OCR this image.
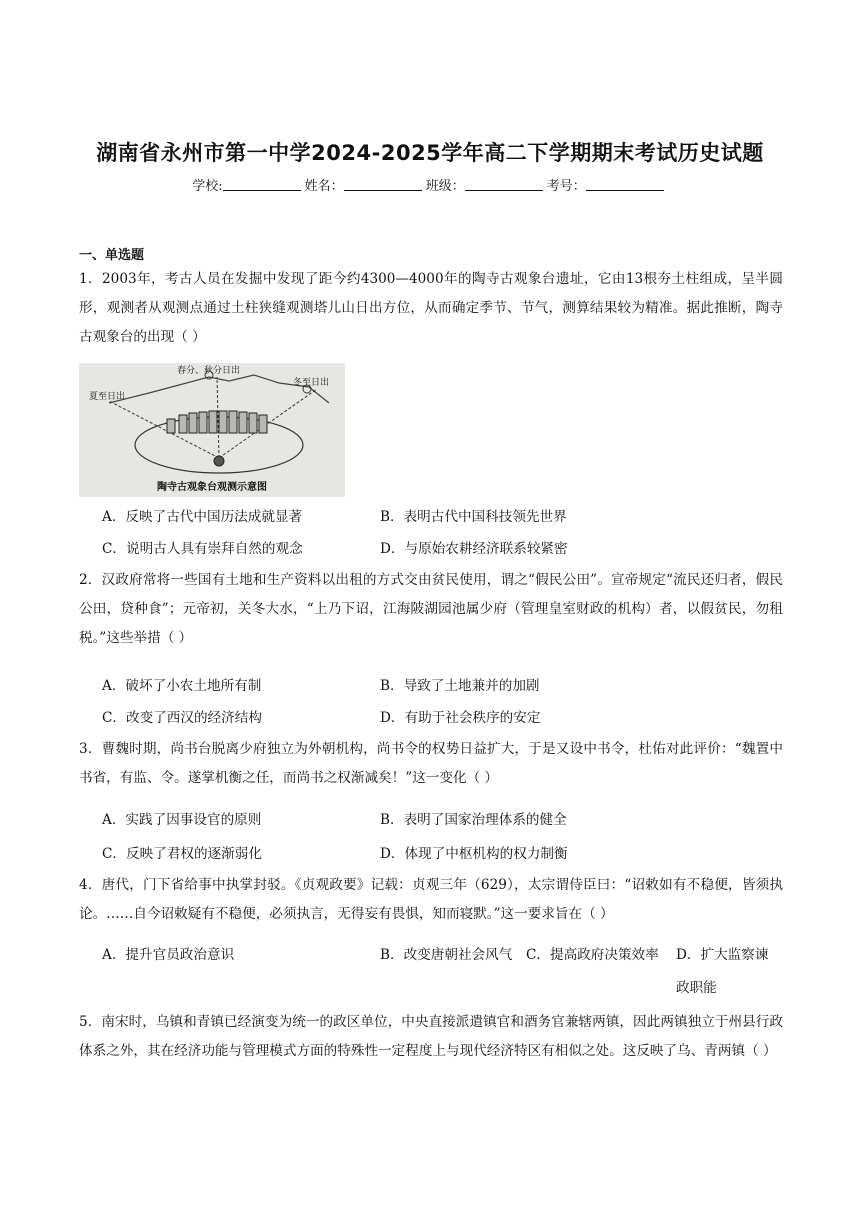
湖南省永州市第一中学2024-2025学年高二下学期期末考试历史试题
学校:	姓名：	班级：	考号：
一、单选题
1．2003年，考古人员在发掘中发现了距今约4300—4000年的陶寺古观象台遗址，它由13根夯土柱组成，呈半圆形，观测者从观测点通过土柱狭缝观测塔儿山日出方位，从而确定季节、节气，测算结果较为精准。据此推断，陶寺古观象台的出现（ ）
夏至日出
春分、秋分日出
冬至日出
陶寺古观象台观测示意图
A．反映了古代中国历法成就显著	B．表明古代中国科技领先世界
C．说明古人具有崇拜自然的观念	D．与原始农耕经济联系较紧密
2．汉政府常将一些国有土地和生产资料以出租的方式交由贫民使用，谓之“假民公田”。宣帝规定“流民还归者，假民公田，贷种食”；元帝初，关冬大水，“上乃下诏，江海陂湖园池属少府（管理皇室财政的机构）者，以假贫民，勿租税。”这些举措（ ）
A．破坏了小农土地所有制	B．导致了土地兼并的加剧
C．改变了西汉的经济结构	D．有助于社会秩序的安定
3．曹魏时期，尚书台脱离少府独立为外朝机构，尚书令的权势日益扩大，于是又设中书令，杜佑对此评价：“魏置中书省，有监、令。遂掌机衡之任，而尚书之权渐减矣！”这一变化（ ）
A．实践了因事设官的原则	B．表明了国家治理体系的健全
C．反映了君权的逐渐弱化	D．体现了中枢机构的权力制衡
4．唐代，门下省给事中执掌封驳。《贞观政要》记载：贞观三年（629），太宗谓侍臣曰：“诏敕如有不稳便，皆须执论。……自今诏敕疑有不稳便，必须执言，无得妄有畏惧，知而寝默。”这一要求旨在（ ）
A．提升官员政治意识	B．改变唐朝社会风气 C．提高政府决策效率 D．扩大监察谏政职能
5．南宋时，乌镇和青镇已经演变为统一的政区单位，中央直接派遣镇官和酒务官兼辖两镇，因此两镇独立于州县行政体系之外，其在经济功能与管理模式方面的特殊性一定程度上与现代经济特区有相似之处。这反映了乌、青两镇（ ）
